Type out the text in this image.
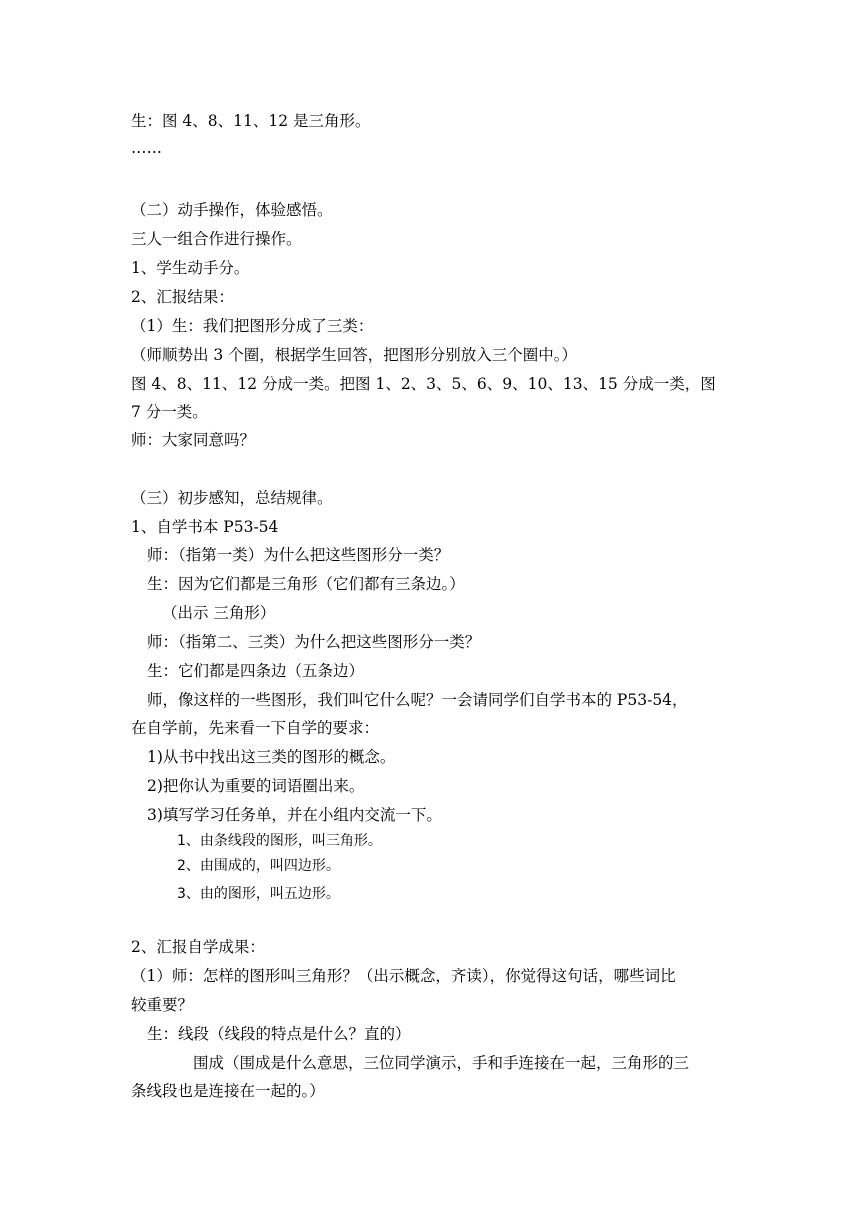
生：图 4、8、11、12 是三角形。
……
（二）动手操作，体验感悟。
三人一组合作进行操作。
1、学生动手分。
2、汇报结果：
（1）生：我们把图形分成了三类：
（师顺势出 3 个圈，根据学生回答，把图形分别放入三个圈中。）
图 4、8、11、12 分成一类。把图 1、2、3、5、6、9、10、13、15 分成一类，图
7 分一类。
师：大家同意吗？
（三）初步感知，总结规律。
1、自学书本 P53-54
师：（指第一类）为什么把这些图形分一类？
生：因为它们都是三角形（它们都有三条边。）
（出示 三角形）
师：（指第二、三类）为什么把这些图形分一类？
生：它们都是四条边（五条边）
师，像这样的一些图形，我们叫它什么呢？一会请同学们自学书本的 P53-54，
在自学前，先来看一下自学的要求：
1)从书中找出这三类的图形的概念。
2)把你认为重要的词语圈出来。
3)填写学习任务单，并在小组内交流一下。
1、由条线段的图形，叫三角形。
2、由围成的，叫四边形。
3、由的图形，叫五边形。
2、汇报自学成果：
（1）师：怎样的图形叫三角形？（出示概念，齐读），你觉得这句话，哪些词比
较重要？
生：线段（线段的特点是什么？直的）
围成（围成是什么意思，三位同学演示，手和手连接在一起，三角形的三
条线段也是连接在一起的。）
